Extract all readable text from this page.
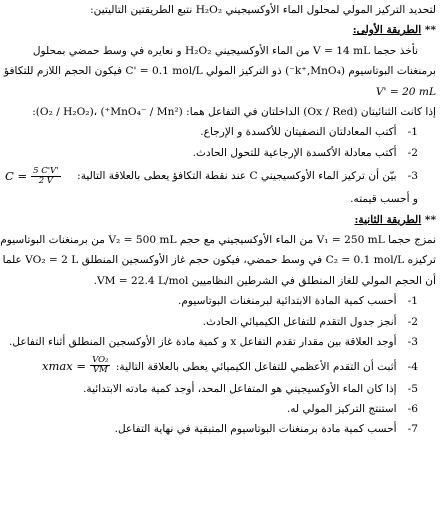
لتحديد التركيز المولي لمحلول الماء الأوكسيجيني H₂O₂ نتبع الطريقتين التاليتين:
** الطريقة الأولى:
نأخذ حجما V = 14 mL من الماء الأوكسيجيني H₂O₂ و نعايره في وسط حمضي بمحلول
برمنغنات البوتاسيوم (k⁺,MnO₄⁻) ذو التركيز المولي C' = 0.1 mol/L فيكون الحجم اللازم للتكافؤ
V' = 20 mL
إذا كانت الثنائيتان (Ox / Red) الداخلتان في التفاعل هما: (MnO₄⁻ / Mn²⁺) ،(O₂ / H₂O₂):
1- أكتب المعادلتان النصفيتان للأكسدة و الإرجاع.
2- أكتب معادلة الأكسدة الإرجاعية للتحول الحادث.
3- بيّن أن تركيز الماء الأوكسيجيني C عند نقطة التكافؤ يعطى بالعلاقة التالية:
$C = \frac{5 C'V'}{2 V}$
و أحسب قيمته.
** الطريقة الثانية:
نمزج حجما V₁ = 250 mL من الماء الأوكسيجيني مع حجم V₂ = 500 mL من برمنغنات البوتاسيوم
تركيزه C₂ = 0.1 mol/L في وسط حمضي، فيكون حجم غاز الأوكسجين المنطلق VO₂ = 2 L علما
أن الحجم المولي للغاز المنطلق في الشرطين النظاميين VM = 22.4 L/mol.
1- أحسب كمية المادة الابتدائية لبرمنغنات البوتاسيوم.
2- أنجز جدول التقدم للتفاعل الكيميائي الحادث.
3- أوجد العلاقة بين مقدار تقدم التفاعل x و كمية مادة غاز الأوكسجين المنطلق أثناء التفاعل.
4- أثبت أن التقدم الأعظمي للتفاعل الكيميائي يعطى بالعلاقة التالية:
$xmax = \frac{\text{VO₂}}{VM}$
5- إذا كان الماء الأوكسيجيني هو المتفاعل المحد، أوجد كمية مادته الابتدائية.
6- استنتج التركيز المولي له.
7- أحسب كمية مادة برمنغنات البوتاسيوم المتبقية في نهاية التفاعل.
